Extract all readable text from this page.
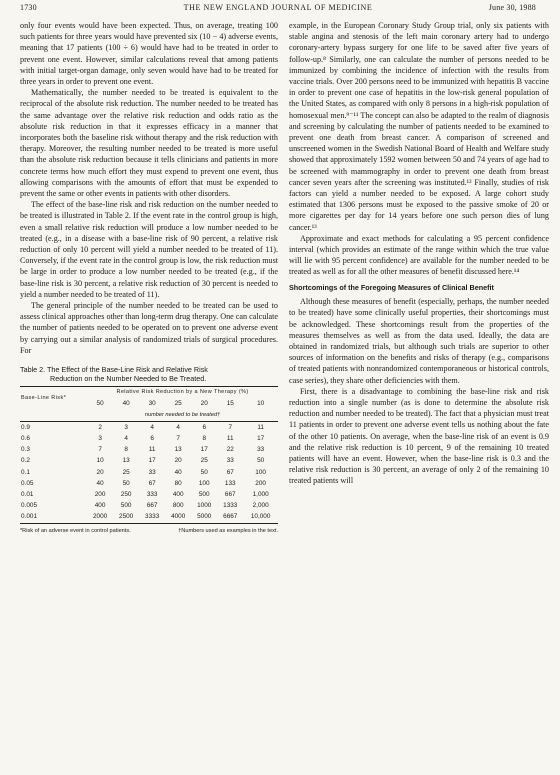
1730	THE NEW ENGLAND JOURNAL OF MEDICINE	June 30, 1988

only four events would have been expected. Thus, on average, treating 100 such patients for three years would have prevented six (10 − 4) adverse events, meaning that 17 patients (100 ÷ 6) would have had to be treated in order to prevent one event. However, similar calculations reveal that among patients with initial target-organ damage, only seven would have had to be treated for three years in order to prevent one event.

Mathematically, the number needed to be treated is equivalent to the reciprocal of the absolute risk reduction. The number needed to be treated has the same advantage over the relative risk reduction and odds ratio as the absolute risk reduction in that it expresses efficacy in a manner that incorporates both the baseline risk without therapy and the risk reduction with therapy. Moreover, the resulting number needed to be treated is more useful than the absolute risk reduction because it tells clinicians and patients in more concrete terms how much effort they must expend to prevent one event, thus allowing comparisons with the amounts of effort that must be expended to prevent the same or other events in patients with other disorders.

The effect of the base-line risk and risk reduction on the number needed to be treated is illustrated in Table 2. If the event rate in the control group is high, even a small relative risk reduction will produce a low number needed to be treated (e.g., in a disease with a base-line risk of 90 percent, a relative risk reduction of only 10 percent will yield a number needed to be treated of 11). Conversely, if the event rate in the control group is low, the risk reduction must be large in order to produce a low number needed to be treated (e.g., if the base-line risk is 30 percent, a relative risk reduction of 30 percent is needed to yield a number needed to be treated of 11).

The general principle of the number needed to be treated can be used to assess clinical approaches other than long-term drug therapy. One can calculate the number of patients needed to be operated on to prevent one adverse event by carrying out a similar analysis of randomized trials of surgical procedures. For

Table 2. The Effect of the Base-Line Risk and Relative Risk
Reduction on the Number Needed to Be Treated.
Base-Line Risk*	Relative Risk Reduction by a New Therapy (%)						
	50	40	30	25	20	15	10
	number needed to be treated†						
0.9	2	3	4	4	6	7	11
0.6	3	4	6	7	8	11	17
0.3	7	8	11	13	17	22	33
0.2	10	13	17	20	25	33	50
0.1	20	25	33	40	50	67	100
0.05	40	50	67	80	100	133	200
0.01	200	250	333	400	500	667	1,000
0.005	400	500	667	800	1000	1333	2,000
0.001	2000	2500	3333	4000	5000	6667	10,000
*Risk of an adverse event in control patients.	†Numbers used as examples in the text.

example, in the European Coronary Study Group trial, only six patients with stable angina and stenosis of the left main coronary artery had to undergo coronary-artery bypass surgery for one life to be saved after five years of follow-up.⁸ Similarly, one can calculate the number of persons needed to be immunized by combining the incidence of infection with the results from vaccine trials. Over 200 persons need to be immunized with hepatitis B vaccine in order to prevent one case of hepatitis in the low-risk general population of the United States, as compared with only 8 persons in a high-risk population of homosexual men.⁹⁻¹¹ The concept can also be adapted to the realm of diagnosis and screening by calculating the number of patients needed to be examined to prevent one death from breast cancer. A comparison of screened and unscreened women in the Swedish National Board of Health and Welfare study showed that approximately 1592 women between 50 and 74 years of age had to be screened with mammography in order to prevent one death from breast cancer seven years after the screening was instituted.¹² Finally, studies of risk factors can yield a number needed to be exposed. A large cohort study estimated that 1306 persons must be exposed to the passive smoke of 20 or more cigarettes per day for 14 years before one such person dies of lung cancer.¹³

Approximate and exact methods for calculating a 95 percent confidence interval (which provides an estimate of the range within which the true value will lie with 95 percent confidence) are available for the number needed to be treated as well as for all the other measures of benefit discussed here.¹⁴

Shortcomings of the Foregoing Measures of Clinical Benefit

Although these measures of benefit (especially, perhaps, the number needed to be treated) have some clinically useful properties, their shortcomings must be acknowledged. These shortcomings result from the properties of the measures themselves as well as from the data used. Ideally, the data are obtained in randomized trials, but although such trials are superior to other sources of information on the benefits and risks of therapy (e.g., comparisons of treated patients with nonrandomized contemporaneous or historical controls, case series), they share other deficiencies with them.

First, there is a disadvantage to combining the base-line risk and risk reduction into a single number (as is done to determine the absolute risk reduction and number needed to be treated). The fact that a physician must treat 11 patients in order to prevent one adverse event tells us nothing about the fate of the other 10 patients. On average, when the base-line risk of an event is 0.9 and the relative risk reduction is 10 percent, 9 of the remaining 10 treated patients will have an event. However, when the base-line risk is 0.3 and the relative risk reduction is 30 percent, an average of only 2 of the remaining 10 treated patients will
